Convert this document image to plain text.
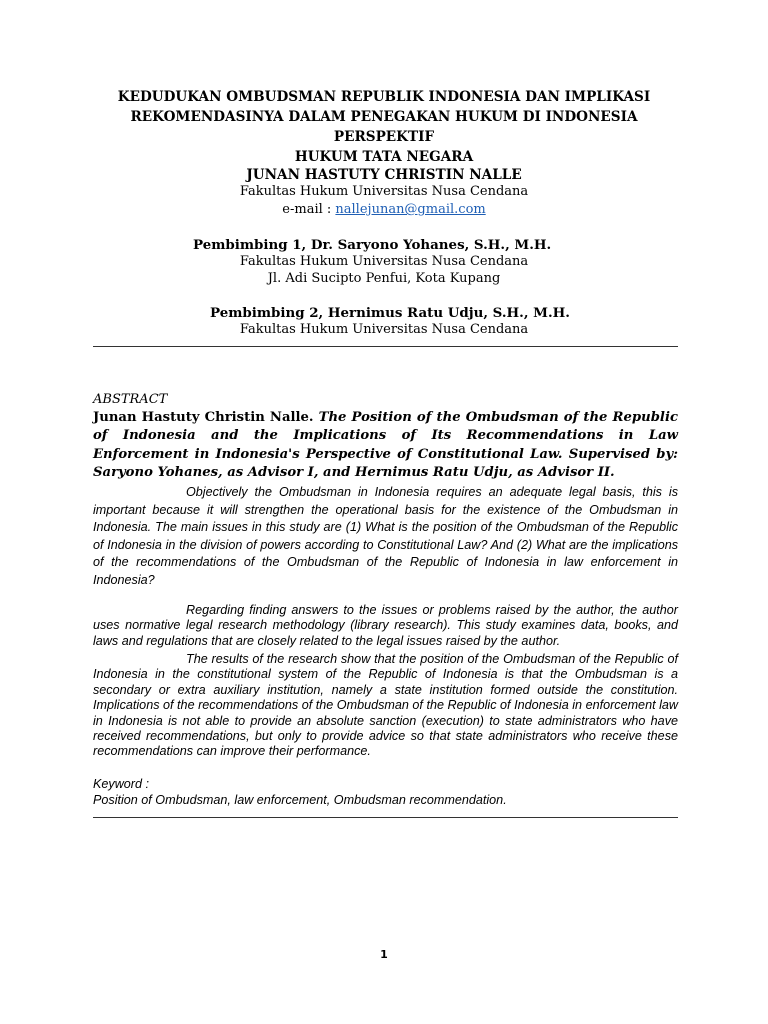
KEDUDUKAN OMBUDSMAN REPUBLIK INDONESIA DAN IMPLIKASI
REKOMENDASINYA DALAM PENEGAKAN HUKUM DI INDONESIA PERSPEKTIF
HUKUM TATA NEGARA
JUNAN HASTUTY CHRISTIN NALLE
Fakultas Hukum Universitas Nusa Cendana
e-mail : nallejunan@gmail.com
Pembimbing 1, Dr. Saryono Yohanes, S.H., M.H.
Fakultas Hukum Universitas Nusa Cendana
Jl. Adi Sucipto Penfui, Kota Kupang
Pembimbing 2, Hernimus Ratu Udju, S.H., M.H.
Fakultas Hukum Universitas Nusa Cendana
ABSTRACT
Junan Hastuty Christin Nalle. The Position of the Ombudsman of the Republic of Indonesia and the Implications of Its Recommendations in Law Enforcement in Indonesia's Perspective of Constitutional Law. Supervised by: Saryono Yohanes, as Advisor I, and Hernimus Ratu Udju, as Advisor II.
Objectively the Ombudsman in Indonesia requires an adequate legal basis, this is important because it will strengthen the operational basis for the existence of the Ombudsman in Indonesia. The main issues in this study are (1) What is the position of the Ombudsman of the Republic of Indonesia in the division of powers according to Constitutional Law? And (2) What are the implications of the recommendations of the Ombudsman of the Republic of Indonesia in law enforcement in Indonesia?
Regarding finding answers to the issues or problems raised by the author, the author uses normative legal research methodology (library research). This study examines data, books, and laws and regulations that are closely related to the legal issues raised by the author.
The results of the research show that the position of the Ombudsman of the Republic of Indonesia in the constitutional system of the Republic of Indonesia is that the Ombudsman is a secondary or extra auxiliary institution, namely a state institution formed outside the constitution. Implications of the recommendations of the Ombudsman of the Republic of Indonesia in enforcement law in Indonesia is not able to provide an absolute sanction (execution) to state administrators who have received recommendations, but only to provide advice so that state administrators who receive these recommendations can improve their performance.
Keyword :
Position of Ombudsman, law enforcement, Ombudsman recommendation.
1
